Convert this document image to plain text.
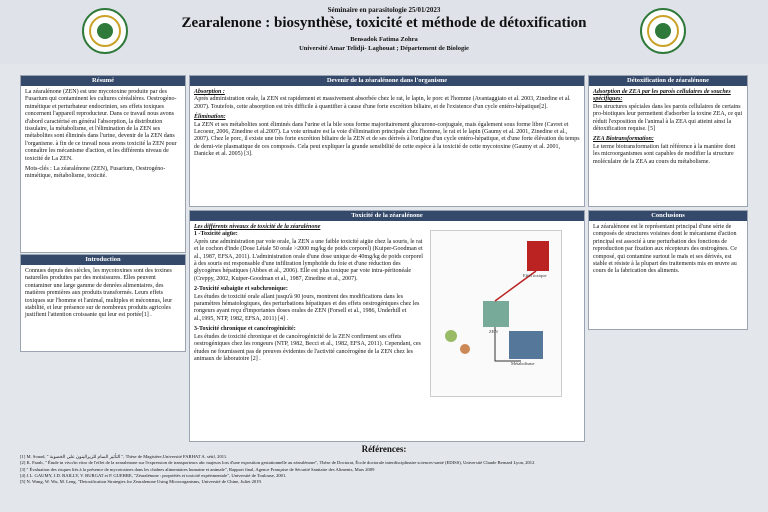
Séminaire en parasitologie 25/01/2023
Zearalenone : biosynthèse, toxicité et méthode de détoxification
Bensadok Fatima Zohra
Université Amar Telidji- Laghouat ; Département de Biologie
Résumé

La zéaralénone (ZEN) est une mycotoxine produite par des Fusarium qui contaminent les cultures céréalières. Oestrogéno-mimétique et perturbateur endocrinien, ses effets toxiques concernent l'appareil reproducteur. Dans ce travail nous avons d'abord caractérisé en général l'absorption, la distribution tissulaire, la métabolisme, et l'élimination de la ZEN ses métabolites sont éliminés dans l'urine, devenir de la ZEN dans l'organisme. à fin de ce travail nous avons toxicité la ZEN pour connaître les mécanisme d'action, et les différents niveau de toxicité de La ZEN.

Mots-clés : La zéaralénone (ZEN), Fusarium, Oestrogéno-mimétique, métabolisme, toxicité.

Introduction

Connues depuis des siècles, les mycotoxines sont des toxines naturelles produites par des moisissures. Elles peuvent contaminer une large gamme de denrées alimentaires, des matières premières aux produits transformés. Leurs effets toxiques sur l'homme et l'animal, multiples et méconnus, leur stabilité, et leur présence sur de nombreux produits agricoles justifient l'attention croissante qui leur est portée[1] .

Devenir de la zéaralénone dans l'organisme
Absorption :

Après administration orale, la ZEN est rapidement et massivement absorbée chez le rat, le lapin, le porc et l'homme (Avantaggiato et al. 2003, Zinedine et al. 2007). Toutefois, cette absorption est très difficile à quantifier à cause d'une forte excrétion biliaire, et de l'existence d'un cycle entéro-hépatique[2].

Élimination:

La ZEN et ses métabolites sont éliminés dans l'urine et la bile sous forme majoritairement glucurono-conjuguée, mais également sous forme libre (Cavret et Lecoeur, 2006, Zinedine et al.2007). La voie urinaire est la voie d'élimination principale chez l'homme, le rat et le lapin (Gaumy et al. 2001, Zinedine et al., 2007). Chez le porc, il existe une très forte excrétion biliaire de la ZEN et de ses dérivés à l'origine d'un cycle entéro-hépatique, et d'une forte élévation du temps de demi-vie plasmatique de ces composés. Cela peut expliquer la grande sensibilité de cette espèce à la toxicité de cette mycotoxine (Gaumy et al. 2001, Danicke et al. 2005) [3].

Détoxification de zéaralénone
Adsorption de ZEA par les parois cellulaires de souches spécifiques:

Des structures spéciales dans les parois cellulaires de certains pro-biotiques leur permettent d'adsorber la toxine ZEA, ce qui réduit l'exposition de l'animal à la ZEA qui atteint ainsi la détoxification requise. [5]

ZEA Biotransformation:

Le terme biotransformation fait référence à la manière dont les microorganismes sont capables de modifier la structure moléculaire de la ZEA au cours du métabolisme.

Toxicité de la zéaralénone
Les différents niveaux de toxicité de la zéaralénone
1 -Toxicité aigüe:

Après une administration par voie orale, la ZEN a une faible toxicité aigüe chez la souris, le rat et le cochon d'inde (Dose Létale 50 orale >2000 mg/kg de poids corporel) (Kuiper-Goodman et al., 1987, EFSA, 2011). L'administration orale d'une dose unique de 40mg/kg de poids corporel à des souris est responsable d'une infiltration lymphoïde du foie et d'une réduction des glycogènes hépatiques (Abbes et al., 2006). Elle est plus toxique par voie intra-péritonéale (Creppy, 2002, Kuiper-Goodman et al., 1987, Zinedine et al., 2007).

2-Toxicité subaigüe et subchronique:

Les études de toxicité orale allant jusqu'à 90 jours, montrent des modifications dans les paramètres hématologiques, des perturbations hépatiques et des effets oestrogéniques chez les rongeurs ayant reçu d'importantes doses orales de ZEN (Forsell et al., 1986, Underhill et al.,1995, NTP, 1982, EFSA, 2011) [4] .

3-Toxicité chronique et cancérogénicité:

Les études de toxicité chronique et de cancérogénicité de la ZEN confirment ses effets oestrogéniques chez les rongeurs (NTP, 1982, Becci et al., 1982, EFSA, 2011). Cependant, ces études ne fournissent pas de preuves évidentes de l'activité cancérogène de la ZEN chez les animaux de laboratoire [2] .

Effet toxique
ZEN
Métabolisme
Conclusions

La zéaralénone est le représentant principal d'une série de composés de structures voisines dont le mécanisme d'action principal est associé à une perturbation des fonctions de reproduction par fixation aux récepteurs des œstrogènes. Ce composé, qui contamine surtout le maïs et ses dérivés, est stable et résiste à la plupart des traitements mis en œuvre au cours de la fabrication des aliments.

Références:
[1] M. Souad, " التأثير السام للزيرالينون على الخصوبة ", Thèse de Magistère,Université FARHAT A. sétif, 2011.
[2] K. Farah, " Étude in vivo/in vitro de l'effet de la zearalenone sur l'expression de transporteurs abc majeurs lors d'une exposition gestationnelle au zéaralénone", Thèse de Doctorat, École doctorale interdisciplinaire sciences-santé (EDISS), Université Claude Bernard Lyon, 2012
[3] " Évaluation des risques liés à la présence de mycotoxines dans les chaînes alimentaires humaine et animale", Rapport final, Agence Française de Sécurité Sanitaire des Aliments, Mars 2009
[4] J.L. GAUMY, J.D. BAILLY, V. BURGAT et P. GUERRE, "Zéaralénone : propriétés et toxicité expérimentale", Université de Toulouse, 2001.
[5] N. Wang, W. Wu, M. Leng, "Detoxification Strategies for Zearalenone Using Microorganisms, Université de Chine, Juliet 2019.
